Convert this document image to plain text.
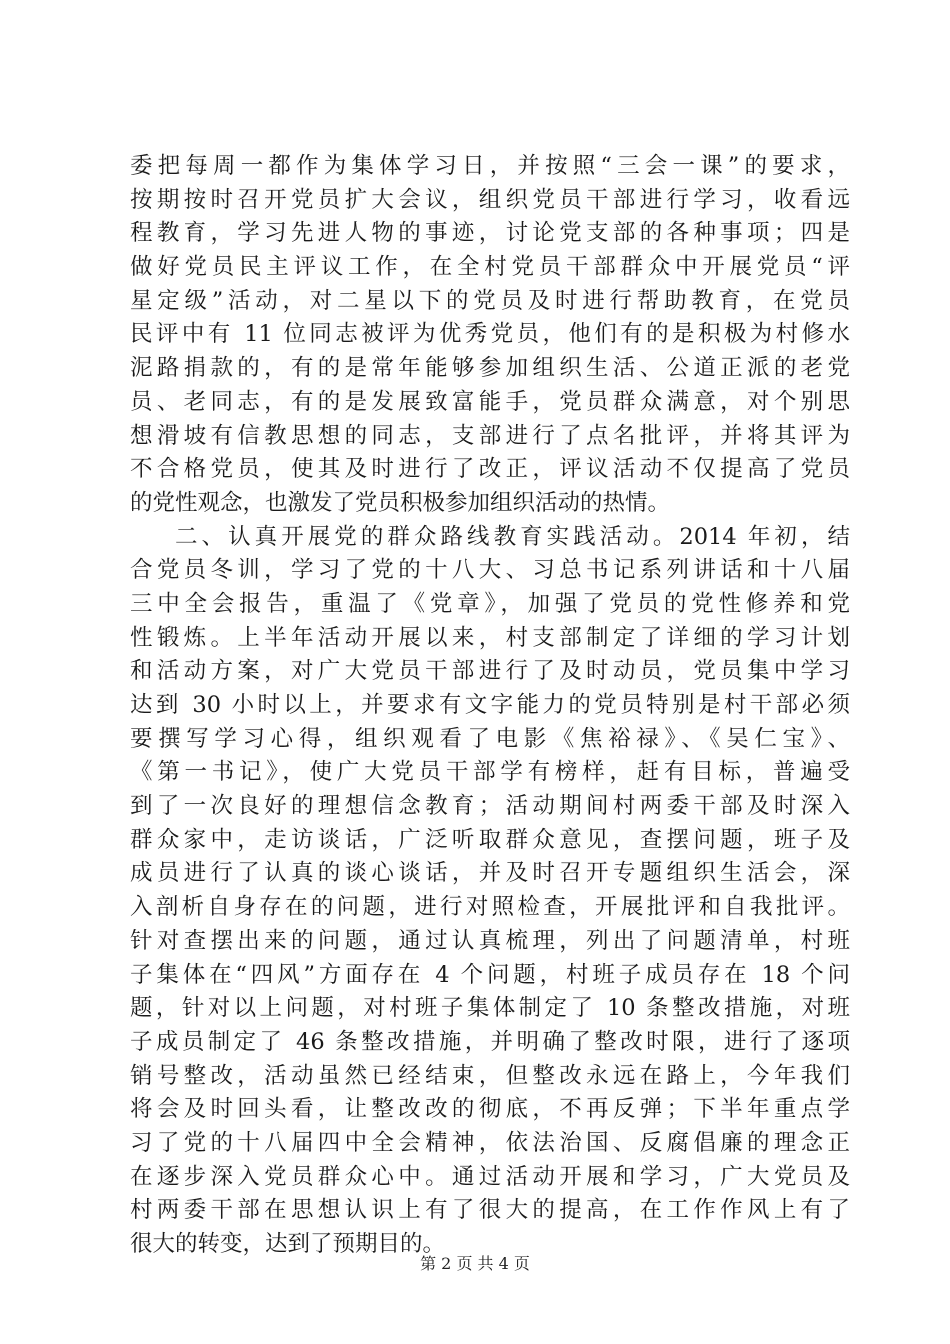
委把每周一都作为集体学习日，并按照“三会一课”的要求，
按期按时召开党员扩大会议，组织党员干部进行学习，收看远
程教育，学习先进人物的事迹，讨论党支部的各种事项；四是
做好党员民主评议工作，在全村党员干部群众中开展党员“评
星定级”活动，对二星以下的党员及时进行帮助教育，在党员
民评中有 11 位同志被评为优秀党员，他们有的是积极为村修水
泥路捐款的，有的是常年能够参加组织生活、公道正派的老党
员、老同志，有的是发展致富能手，党员群众满意，对个别思
想滑坡有信教思想的同志，支部进行了点名批评，并将其评为
不合格党员，使其及时进行了改正，评议活动不仅提高了党员
的党性观念，也激发了党员积极参加组织活动的热情。
二、认真开展党的群众路线教育实践活动。2014 年初，结
合党员冬训，学习了党的十八大、习总书记系列讲话和十八届
三中全会报告，重温了《党章》，加强了党员的党性修养和党
性锻炼。上半年活动开展以来，村支部制定了详细的学习计划
和活动方案，对广大党员干部进行了及时动员，党员集中学习
达到 30 小时以上，并要求有文字能力的党员特别是村干部必须
要撰写学习心得，组织观看了电影《焦裕禄》、《吴仁宝》、
《第一书记》，使广大党员干部学有榜样，赶有目标，普遍受
到了一次良好的理想信念教育；活动期间村两委干部及时深入
群众家中，走访谈话，广泛听取群众意见，查摆问题，班子及
成员进行了认真的谈心谈话，并及时召开专题组织生活会，深
入剖析自身存在的问题，进行对照检查，开展批评和自我批评。
针对查摆出来的问题，通过认真梳理，列出了问题清单，村班
子集体在“四风”方面存在 4 个问题，村班子成员存在 18 个问
题，针对以上问题，对村班子集体制定了 10 条整改措施，对班
子成员制定了 46 条整改措施，并明确了整改时限，进行了逐项
销号整改，活动虽然已经结束，但整改永远在路上，今年我们
将会及时回头看，让整改改的彻底，不再反弹；下半年重点学
习了党的十八届四中全会精神，依法治国、反腐倡廉的理念正
在逐步深入党员群众心中。通过活动开展和学习，广大党员及
村两委干部在思想认识上有了很大的提高，在工作作风上有了
很大的转变，达到了预期目的。
第 2 页 共 4 页
